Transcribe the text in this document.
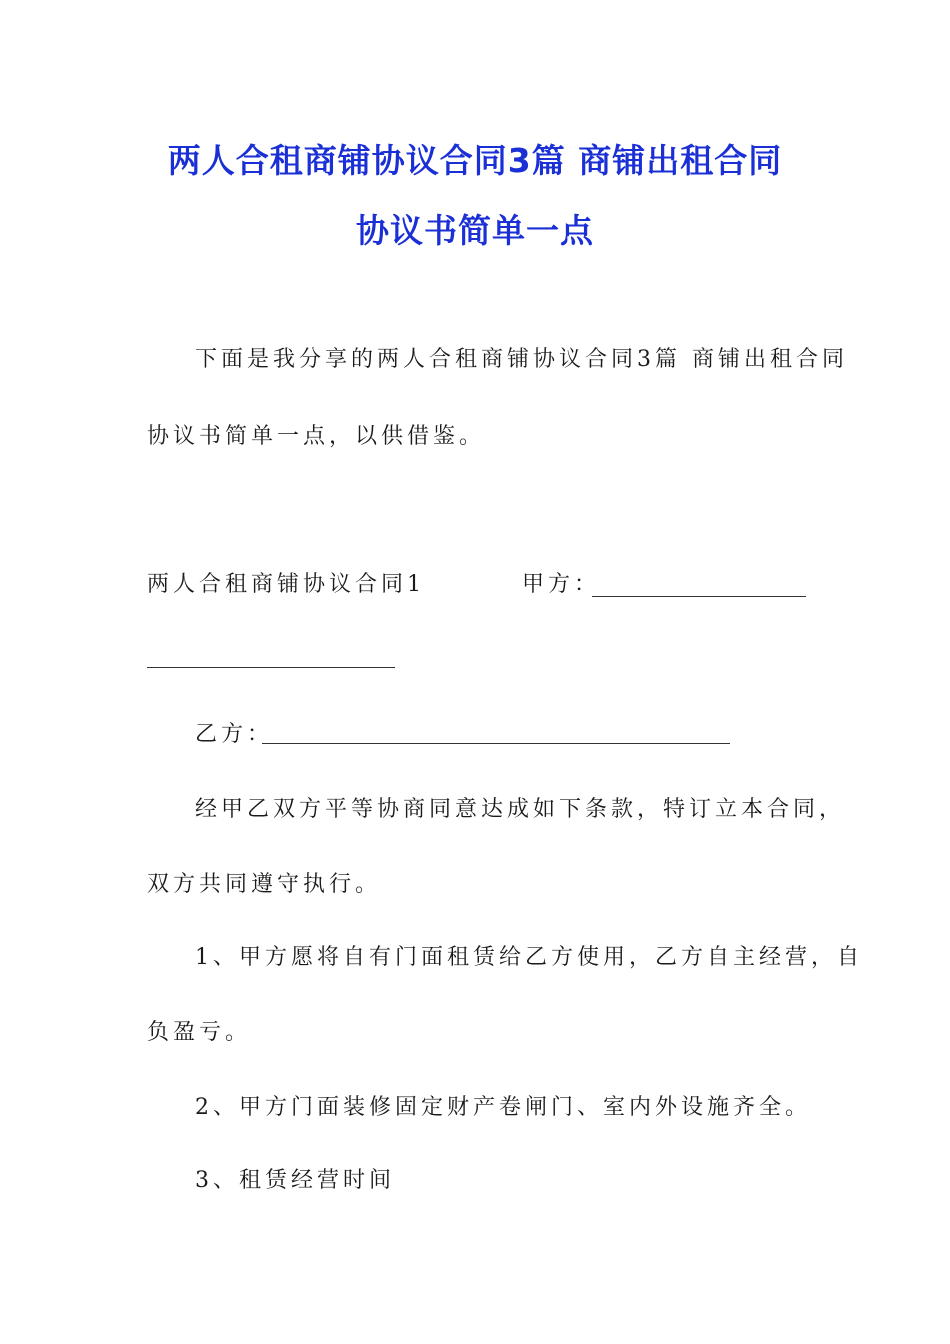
两人合租商铺协议合同3篇 商铺出租合同
协议书简单一点
下面是我分享的两人合租商铺协议合同3篇 商铺出租合同
协议书简单一点，以供借鉴。
两人合租商铺协议合同1	甲方：
乙方：
经甲乙双方平等协商同意达成如下条款，特订立本合同，
双方共同遵守执行。
1、甲方愿将自有门面租赁给乙方使用，乙方自主经营，自
负盈亏。
2、甲方门面装修固定财产卷闸门、室内外设施齐全。
3、租赁经营时间
